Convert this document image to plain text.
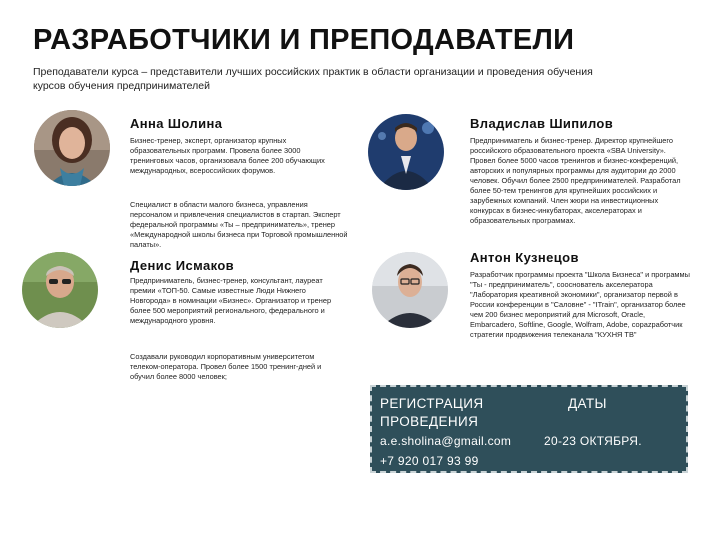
РАЗРАБОТЧИКИ И ПРЕПОДАВАТЕЛИ
Преподаватели курса – представители лучших российских практик в области организации и проведения обучения курсов обучения предпринимателей
Анна Шолина
Бизнес-тренер, эксперт, организатор крупных образовательных программ. Провела более 3000 тренинговых часов, организовала более 200 обучающих международных, всероссийских форумов.
Специалист в области малого бизнеса, управления персоналом и привлечения специалистов в стартап. Эксперт федеральной программы «Ты – предприниматель», тренер «Международной школы бизнеса при Торговой промышленной палаты».
Владислав Шипилов
Предприниматель и бизнес-тренер. Директор крупнейшего российского образовательного проекта «SBA University». Провел более 5000 часов тренингов и бизнес-конференций, авторских и популярных программы для аудитории до 2000 человек. Обучил более 2500 предпринимателей. Разработал более 50-тем тренингов для крупнейших российских и зарубежных компаний. Член жюри на инвестиционных конкурсах в бизнес-инкубаторах, акселераторах и образовательных программах.
Денис Исмаков
Предприниматель, бизнес-тренер, консультант, лауреат премии «ТОП-50. Самые известные Люди Нижнего Новгорода» в номинации «Бизнес». Организатор и тренер более 500 мероприятий регионального, федерального и международного уровня.
Создавали руководил корпоративным университетом телеком-оператора. Провел более 1500 тренинг-дней и обучил более 8000 человек;
Антон Кузнецов
Разработчик программы проекта "Школа Бизнеса" и программы "Ты - предприниматель", сооснователь акселератора "Лаборатория креативной экономики", организатор первой в России конференции в "Саловне" - "ITrain", организатор более чем 200 бизнес мероприятий для Microsoft, Oracle, Embarcadero, Softline, Google, Wolfram, Adobe, сорazработчик стратегии продвижения телеканала "КУХНЯ ТВ"
РЕГИСТРАЦИЯ ПРОВЕДЕНИЯ
ДАТЫ
a.e.sholina@gmail.com
+7 920 017 93 99
20-23 ОКТЯБРЯ.
